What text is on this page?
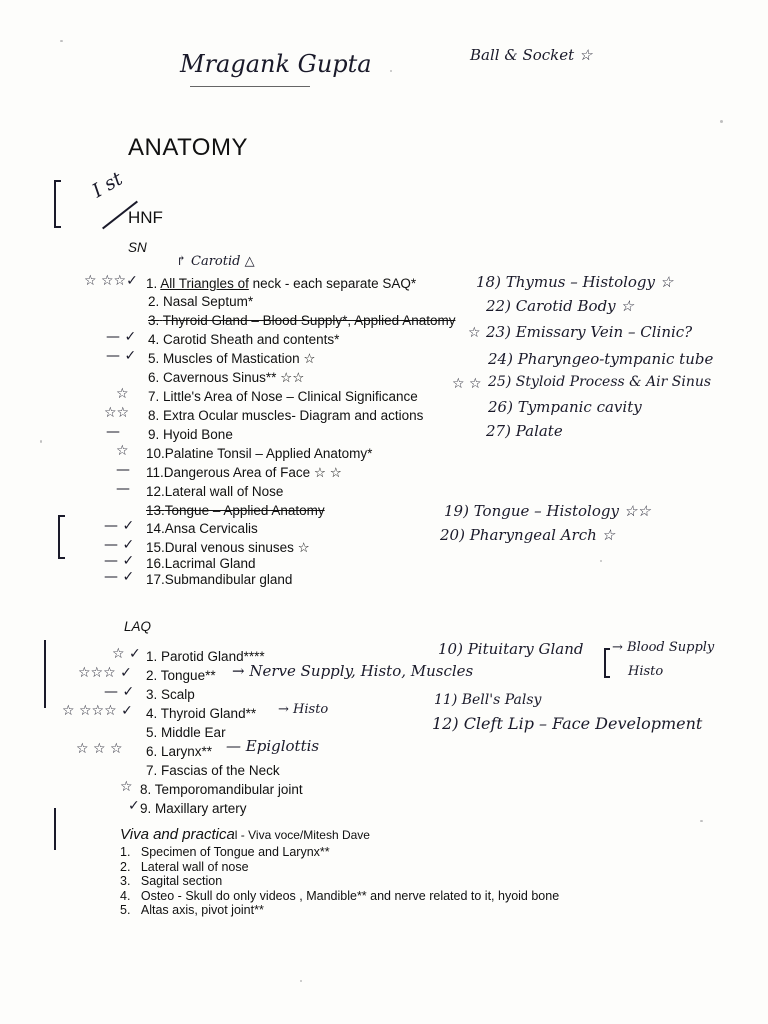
Mragank Gupta	Ball & Socket ☆
ANATOMY
I st
HNF
SN
↱ Carotid △
☆ ☆☆✓ 1. All Triangles of neck - each separate SAQ*
2. Nasal Septum*
3. Thyroid Gland – Blood Supply*, Applied Anatomy
— ✓ 4. Carotid Sheath and contents*
— ✓ 5. Muscles of Mastication ☆
6. Cavernous Sinus** ☆☆
☆ 7. Little's Area of Nose – Clinical Significance
☆☆ 8. Extra Ocular muscles- Diagram and actions
— 9. Hyoid Bone
☆ 10.Palatine Tonsil – Applied Anatomy*
— 11.Dangerous Area of Face ☆ ☆
— 12.Lateral wall of Nose
13.Tongue – Applied Anatomy
— ✓ 14.Ansa Cervicalis
— ✓ 15.Dural venous sinuses ☆
— ✓ 16.Lacrimal Gland
— ✓ 17.Submandibular gland
18) Thymus – Histology ☆
22) Carotid Body ☆
☆ 23) Emissary Vein – Clinic?
24) Pharyngeo-tympanic tube
☆ ☆ 25) Styloid Process & Air Sinus
26) Tympanic cavity
27) Palate
19) Tongue – Histology ☆☆
20) Pharyngeal Arch ☆
LAQ
☆ ✓ 1. Parotid Gland****
☆☆☆ ✓ 2. Tongue** → Nerve Supply, Histo, Muscles
— ✓ 3. Scalp
☆ ☆☆☆ ✓ 4. Thyroid Gland** → Histo
5. Middle Ear
☆ ☆ ☆ 6. Larynx** — Epiglottis
7. Fascias of the Neck
☆ 8. Temporomandibular joint
✓ 9. Maxillary artery
10) Pituitary Gland → Blood Supply
Histo
11) Bell's Palsy
12) Cleft Lip – Face Development
Viva and practical - Viva voce/Mitesh Dave
1. Specimen of Tongue and Larynx**
2. Lateral wall of nose
3. Sagital section
4. Osteo - Skull do only videos , Mandible** and nerve related to it, hyoid bone
5. Altas axis, pivot joint**
